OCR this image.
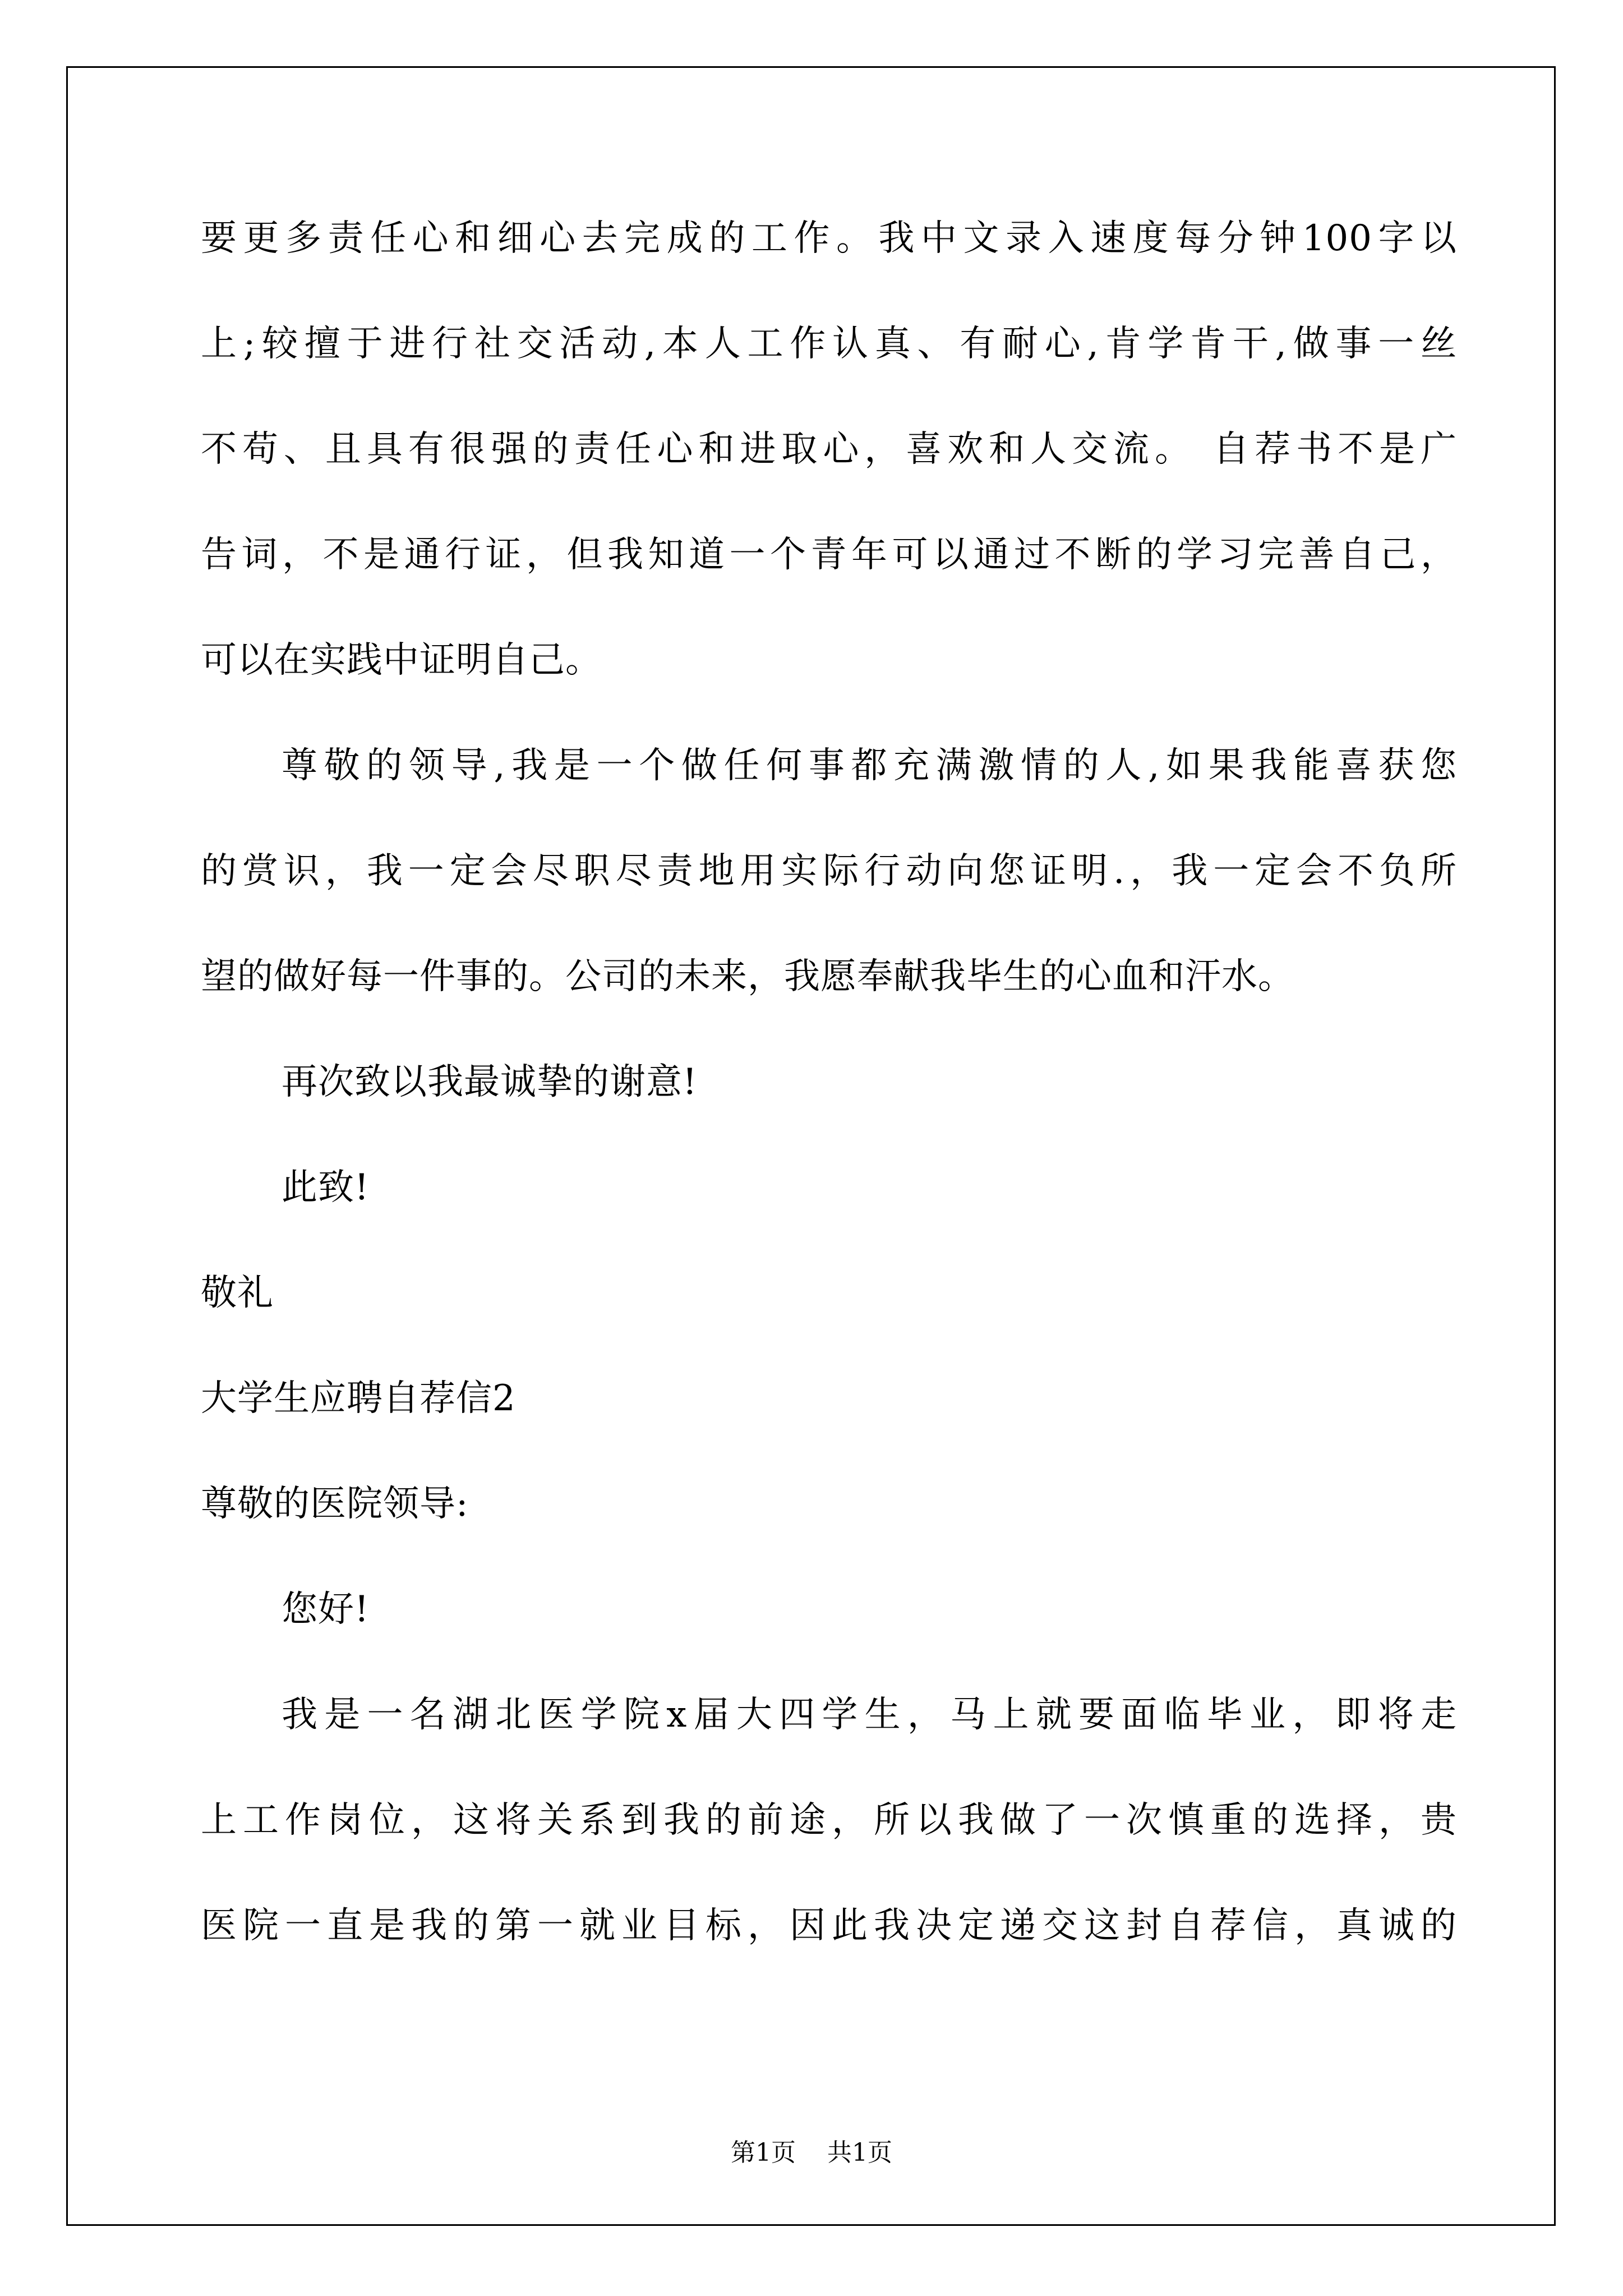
要更多责任心和细心去完成的工作。我中文录入速度每分钟100字以
上;较擅于进行社交活动,本人工作认真、有耐心,肯学肯干,做事一丝
不苟、且具有很强的责任心和进取心，喜欢和人交流。 自荐书不是广
告词，不是通行证，但我知道一个青年可以通过不断的学习完善自己，
可以在实践中证明自己。
尊敬的领导,我是一个做任何事都充满激情的人,如果我能喜获您
的赏识，我一定会尽职尽责地用实际行动向您证明.，我一定会不负所
望的做好每一件事的。公司的未来，我愿奉献我毕生的心血和汗水。
再次致以我最诚挚的谢意!
此致!
敬礼
大学生应聘自荐信2
尊敬的医院领导:
您好!
我是一名湖北医学院x届大四学生，马上就要面临毕业，即将走
上工作岗位，这将关系到我的前途，所以我做了一次慎重的选择，贵
医院一直是我的第一就业目标，因此我决定递交这封自荐信，真诚的
第1页    共1页
